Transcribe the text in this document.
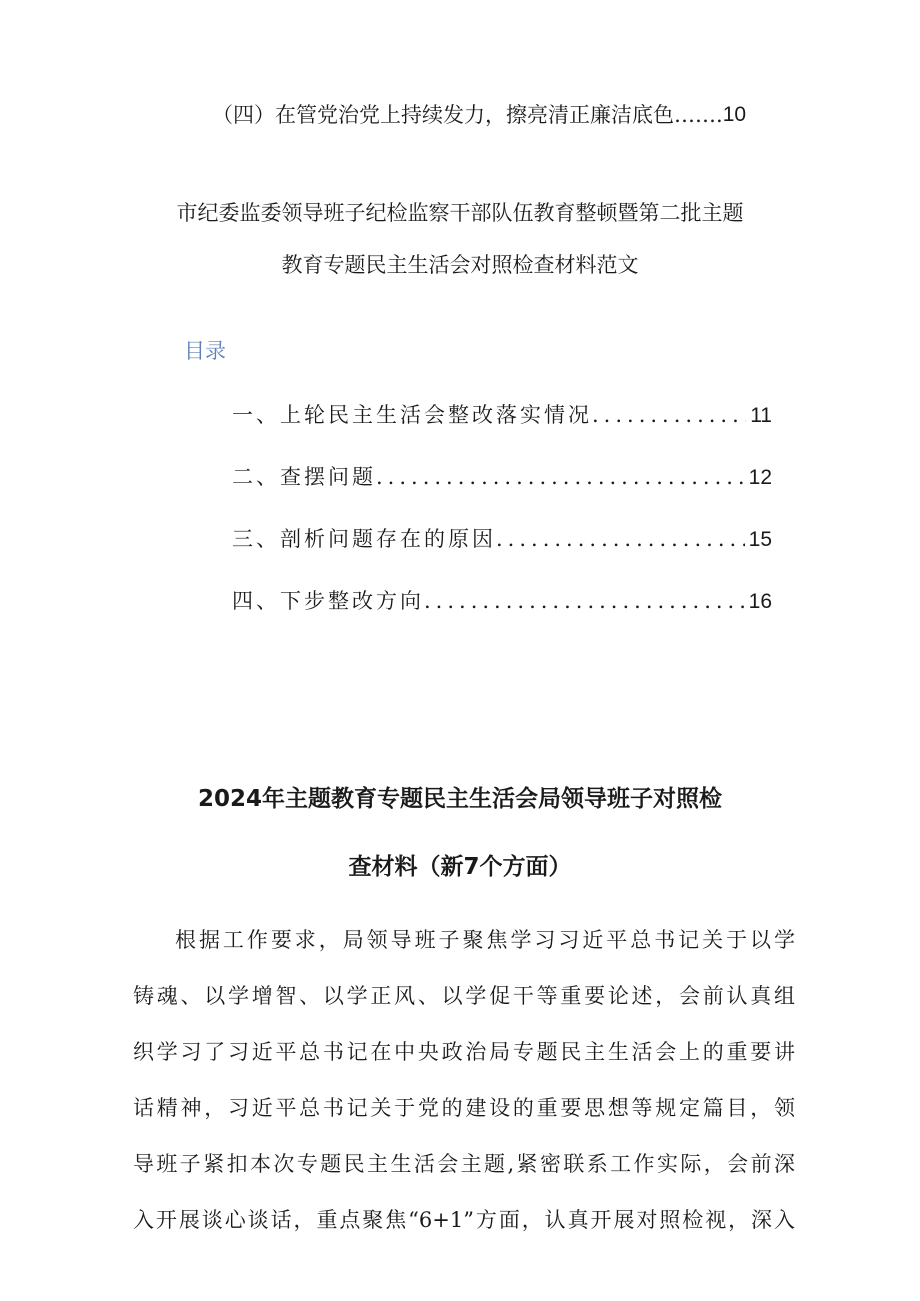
（四）在管党治党上持续发力，擦亮清正廉洁底色 ……. 10
市纪委监委领导班子纪检监察干部队伍教育整顿暨第二批主题
教育专题民主生活会对照检查材料范文
目录
一、上轮民主生活会整改落实情况 .....	11
二、查摆问题 .....	12
三、剖析问题存在的原因 .....	15
四、下步整改方向 .....	16
2024年主题教育专题民主生活会局领导班子对照检
查材料（新7个方面）
根据工作要求，局领导班子聚焦学习习近平总书记关于以学
铸魂、以学增智、以学正风、以学促干等重要论述，会前认真组
织学习了习近平总书记在中央政治局专题民主生活会上的重要讲
话精神，习近平总书记关于党的建设的重要思想等规定篇目，领
导班子紧扣本次专题民主生活会主题,紧密联系工作实际，会前深
入开展谈心谈话，重点聚焦“6+1”方面，认真开展对照检视，深入
